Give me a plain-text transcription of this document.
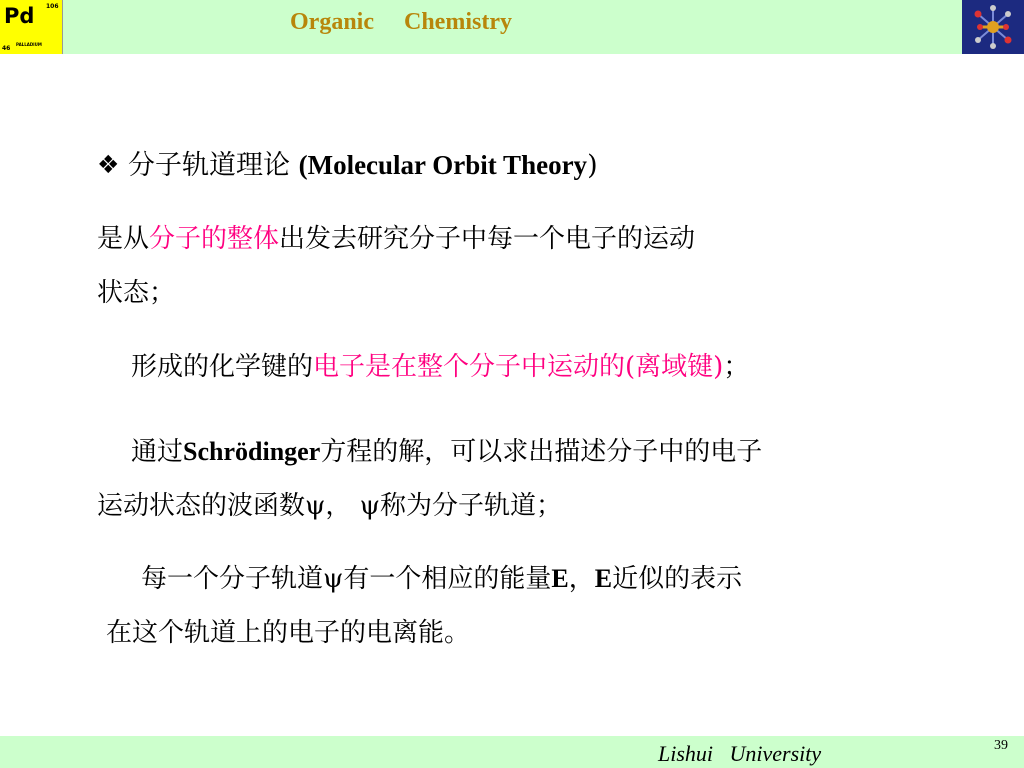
Pd 106
PALLADIUM
46
Organic     Chemistry
❖ 分子轨道理论 (Molecular Orbit Theory)
是从分子的整体出发去研究分子中每一个电子的运动
状态；
形成的化学键的电子是在整个分子中运动的(离域键)；
通过Schrödinger方程的解，可以求出描述分子中的电子
运动状态的波函数ψ， ψ称为分子轨道；
每一个分子轨道ψ有一个相应的能量E，E近似的表示
在这个轨道上的电子的电离能。
Lishui   University	39
